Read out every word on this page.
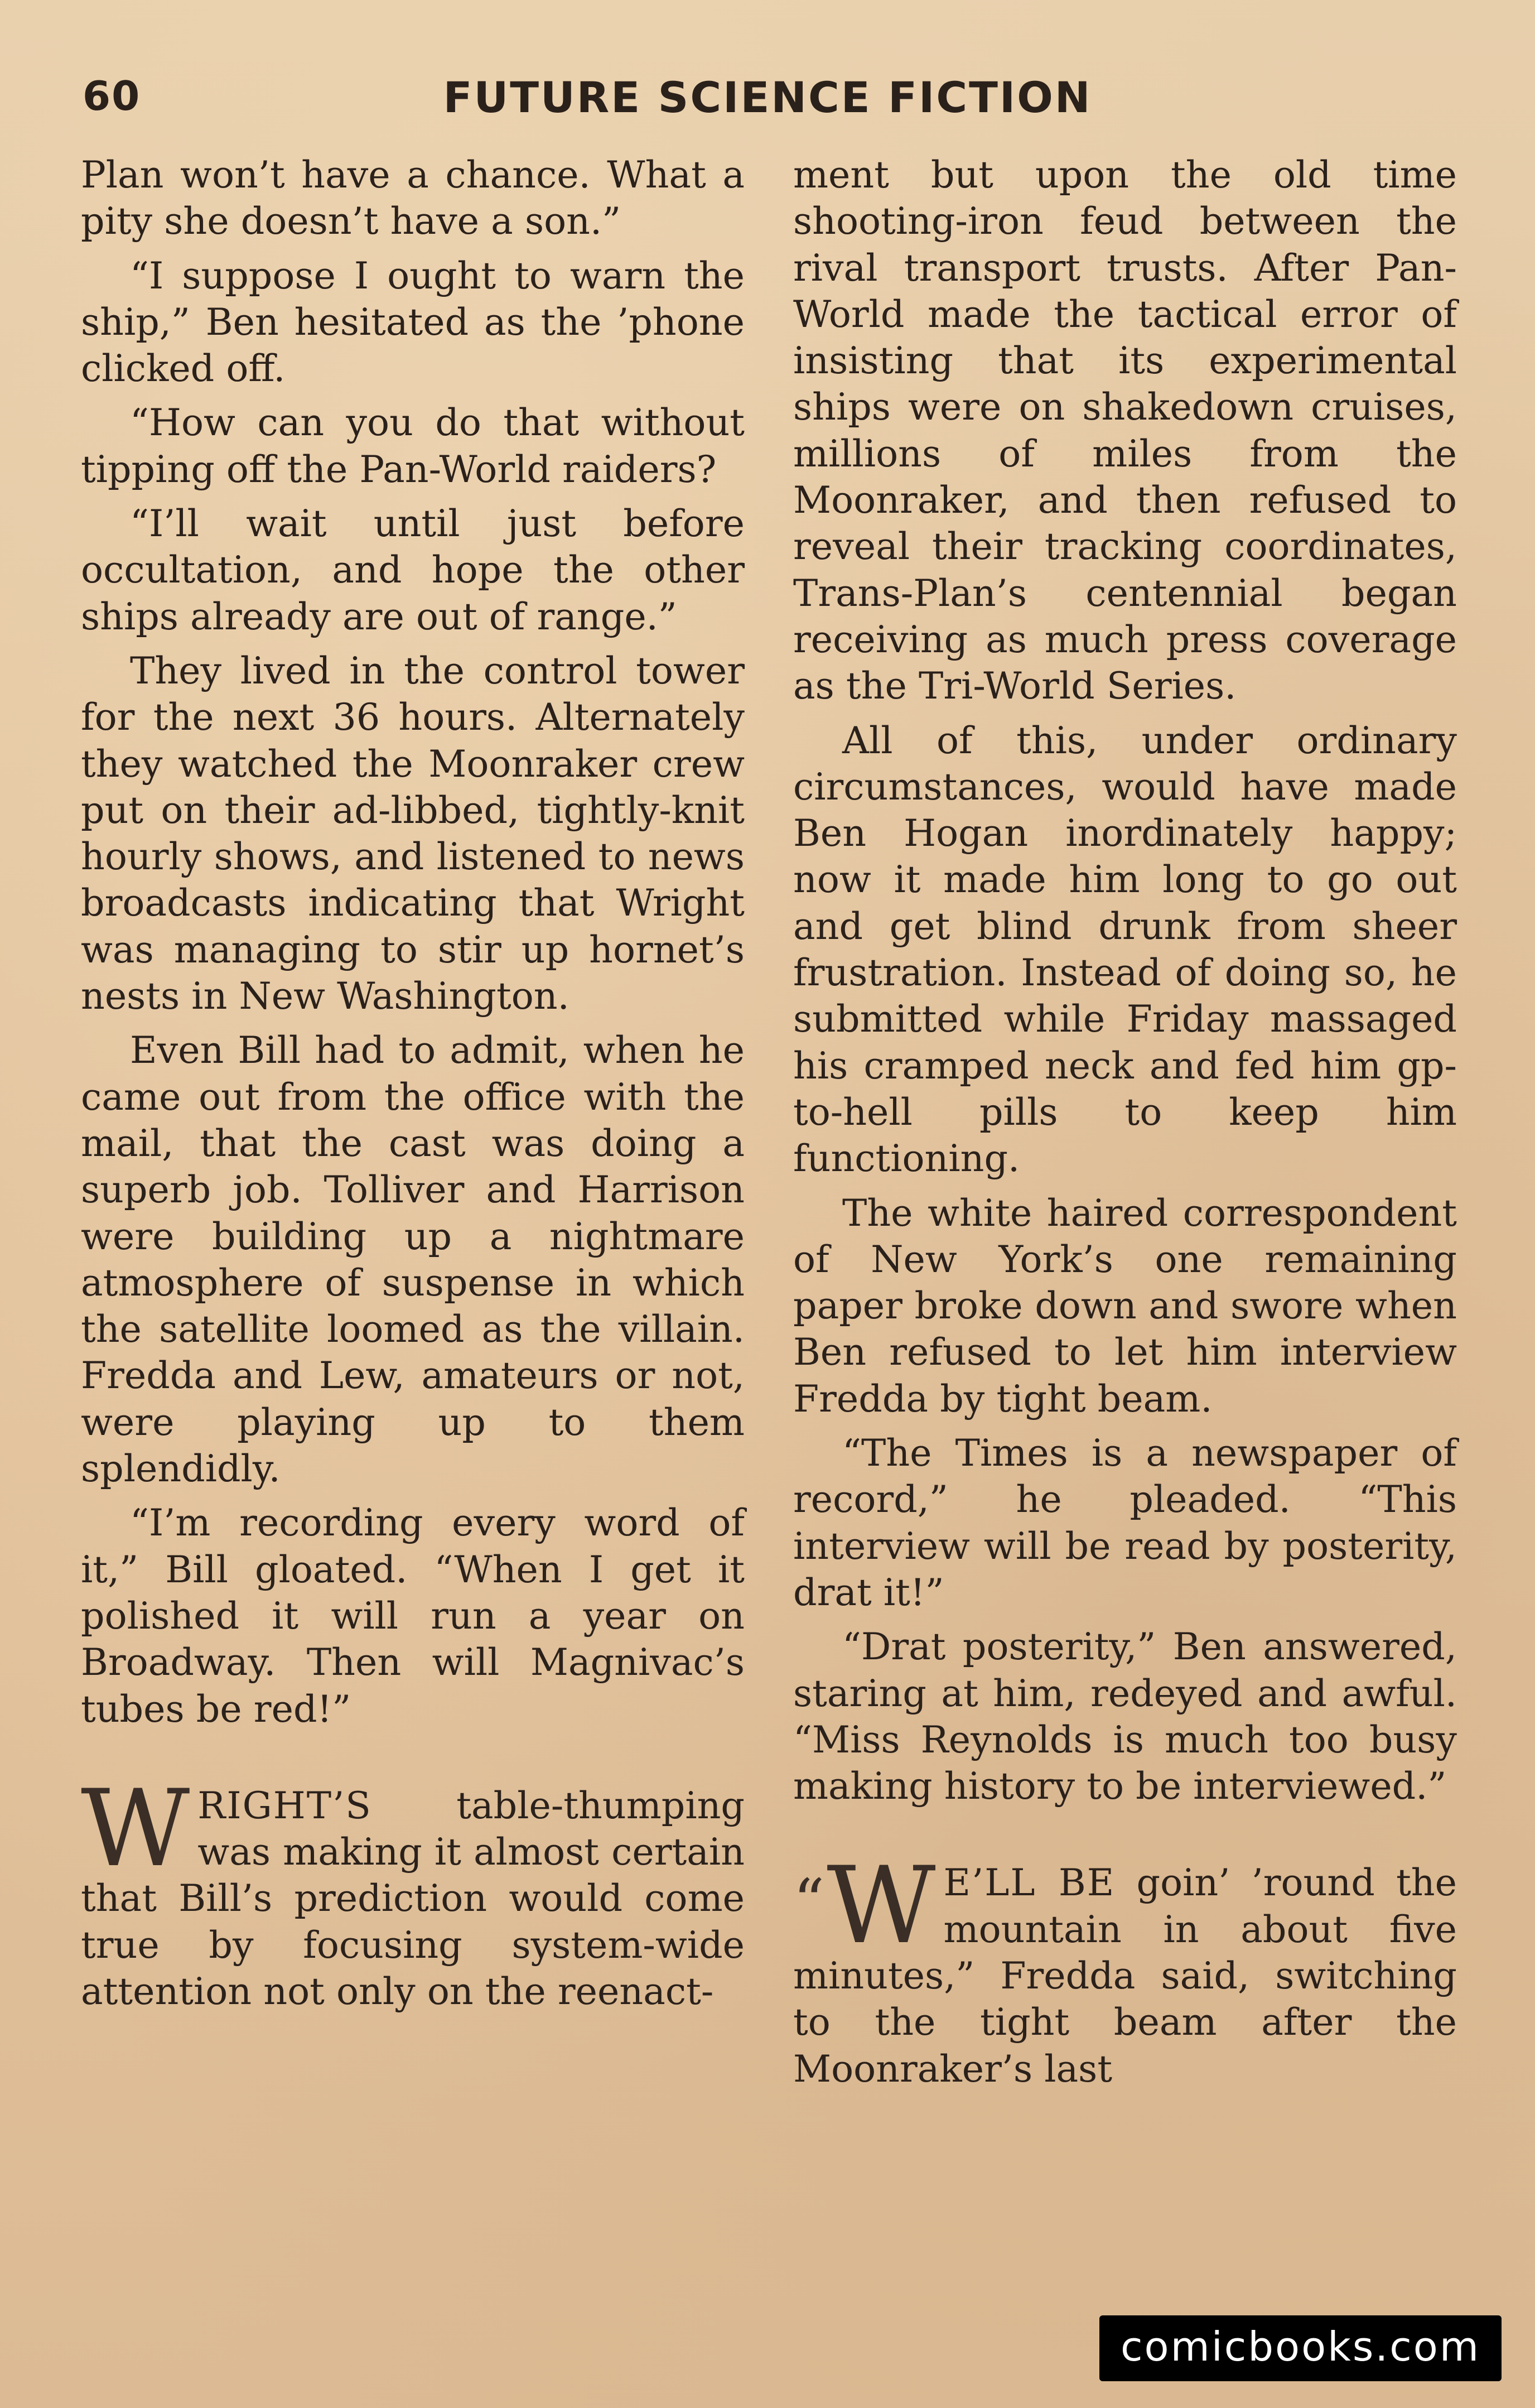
60	FUTURE SCIENCE FICTION

Plan won’t have a chance. What a pity she doesn’t have a son.”

“I suppose I ought to warn the ship,” Ben hesitated as the ’phone clicked off.

“How can you do that without tipping off the Pan-World raiders?

“I’ll wait until just before occultation, and hope the other ships already are out of range.”

They lived in the control tower for the next 36 hours. Alternately they watched the Moonraker crew put on their ad-libbed, tightly-knit hourly shows, and listened to news broadcasts indicating that Wright was managing to stir up hornet’s nests in New Washington.

Even Bill had to admit, when he came out from the office with the mail, that the cast was doing a superb job. Tolliver and Harrison were building up a nightmare atmosphere of suspense in which the satellite loomed as the villain. Fredda and Lew, amateurs or not, were playing up to them splendidly.

“I’m recording every word of it,” Bill gloated. “When I get it polished it will run a year on Broadway. Then will Magnivac’s tubes be red!”

WRIGHT’S table-thumping was making it almost certain that Bill’s prediction would come true by focusing system-wide attention not only on the reenact-

ment but upon the old time shooting-iron feud between the rival transport trusts. After Pan-World made the tactical error of insisting that its experimental ships were on shakedown cruises, millions of miles from the Moonraker, and then refused to reveal their tracking coordinates, Trans-Plan’s centennial began receiving as much press coverage as the Tri-World Series.

All of this, under ordinary circumstances, would have made Ben Hogan inordinately happy; now it made him long to go out and get blind drunk from sheer frustration. Instead of doing so, he submitted while Friday massaged his cramped neck and fed him gp-to-hell pills to keep him functioning.

The white haired correspondent of New York’s one remaining paper broke down and swore when Ben refused to let him interview Fredda by tight beam.

“The Times is a newspaper of record,” he pleaded. “This interview will be read by posterity, drat it!”

“Drat posterity,” Ben answered, staring at him, redeyed and awful. “Miss Reynolds is much too busy making history to be interviewed.”

“ W E’LL BE goin’ ’round the mountain in about five minutes,” Fredda said, switching to the tight beam after the Moonraker’s last

comicbooks.com
